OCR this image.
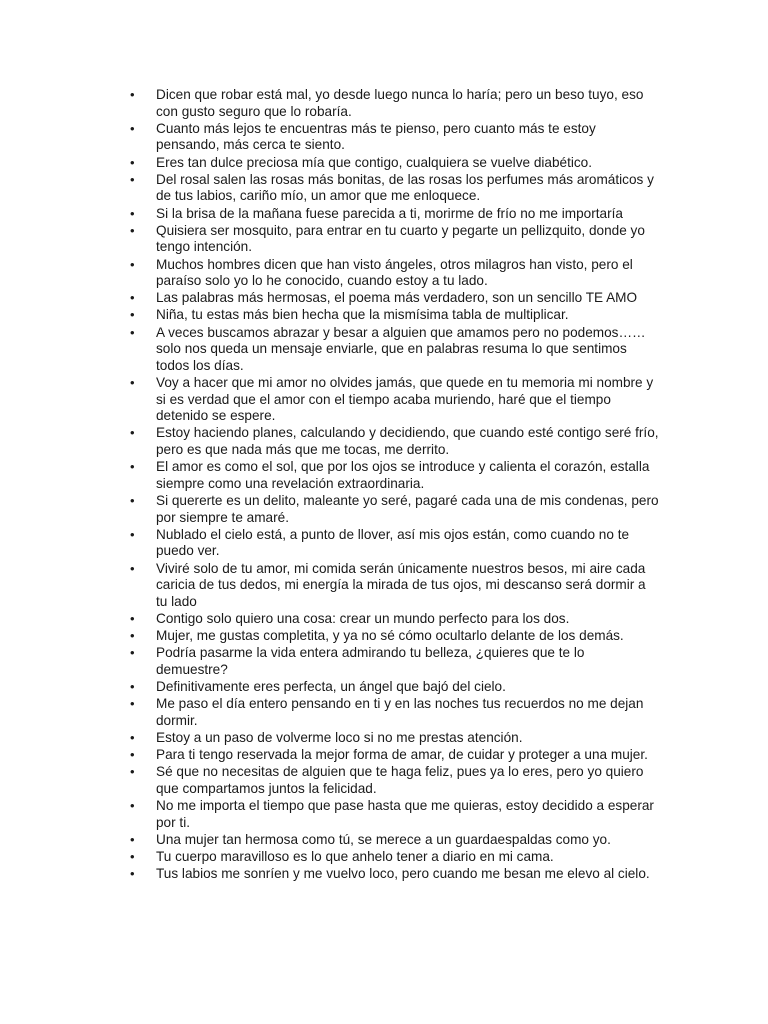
•	Dicen que robar está mal, yo desde luego nunca lo haría; pero un beso tuyo, eso con gusto seguro que lo robaría.
•	Cuanto más lejos te encuentras más te pienso, pero cuanto más te estoy pensando, más cerca te siento.
•	Eres tan dulce preciosa mía que contigo, cualquiera se vuelve diabético.
•	Del rosal salen las rosas más bonitas, de las rosas los perfumes más aromáticos y de tus labios, cariño mío, un amor que me enloquece.
•	Si la brisa de la mañana fuese parecida a ti, morirme de frío no me importaría
•	Quisiera ser mosquito, para entrar en tu cuarto y pegarte un pellizquito, donde yo tengo intención.
•	Muchos hombres dicen que han visto ángeles, otros milagros han visto, pero el paraíso solo yo lo he conocido, cuando estoy a tu lado.
•	Las palabras más hermosas, el poema más verdadero, son un sencillo TE AMO
•	Niña, tu estas más bien hecha que la mismísima tabla de multiplicar.
•	A veces buscamos abrazar y besar a alguien que amamos pero no podemos…… solo nos queda un mensaje enviarle, que en palabras resuma lo que sentimos todos los días.
•	Voy a hacer que mi amor no olvides jamás, que quede en tu memoria mi nombre y si es verdad que el amor con el tiempo acaba muriendo, haré que el tiempo detenido se espere.
•	Estoy haciendo planes, calculando y decidiendo, que cuando esté contigo seré frío, pero es que nada más que me tocas, me derrito.
•	El amor es como el sol, que por los ojos se introduce y calienta el corazón, estalla siempre como una revelación extraordinaria.
•	Si quererte es un delito, maleante yo seré, pagaré cada una de mis condenas, pero por siempre te amaré.
•	Nublado el cielo está, a punto de llover, así mis ojos están, como cuando no te puedo ver.
•	Viviré solo de tu amor, mi comida serán únicamente nuestros besos, mi aire cada caricia de tus dedos, mi energía la mirada de tus ojos, mi descanso será dormir a tu lado
•	Contigo solo quiero una cosa: crear un mundo perfecto para los dos.
•	Mujer, me gustas completita, y ya no sé cómo ocultarlo delante de los demás.
•	Podría pasarme la vida entera admirando tu belleza, ¿quieres que te lo demuestre?
•	Definitivamente eres perfecta, un ángel que bajó del cielo.
•	Me paso el día entero pensando en ti y en las noches tus recuerdos no me dejan dormir.
•	Estoy a un paso de volverme loco si no me prestas atención.
•	Para ti tengo reservada la mejor forma de amar, de cuidar y proteger a una mujer.
•	Sé que no necesitas de alguien que te haga feliz, pues ya lo eres, pero yo quiero que compartamos juntos la felicidad.
•	No me importa el tiempo que pase hasta que me quieras, estoy decidido a esperar por ti.
•	Una mujer tan hermosa como tú, se merece a un guardaespaldas como yo.
•	Tu cuerpo maravilloso es lo que anhelo tener a diario en mi cama.
•	Tus labios me sonríen y me vuelvo loco, pero cuando me besan me elevo al cielo.
